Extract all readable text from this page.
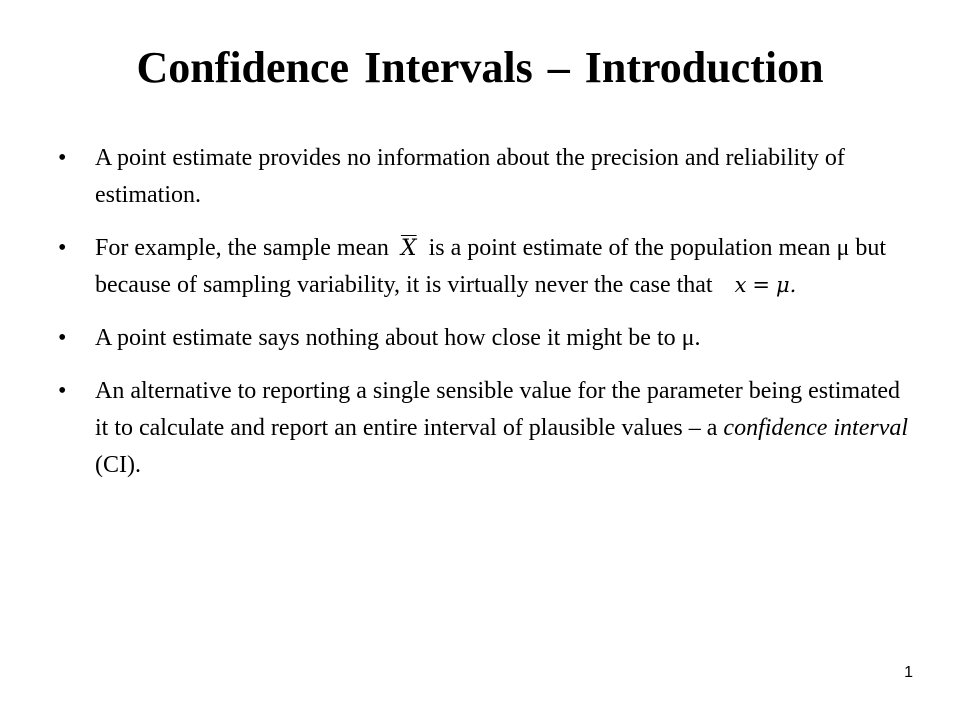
Confidence Intervals – Introduction
• A point estimate provides no information about the precision and reliability of estimation.
• For example, the sample mean $\overline{X}$ is a point estimate of the population mean μ but because of sampling variability, it is virtually never the case that x = μ.
• A point estimate says nothing about how close it might be to μ.
• An alternative to reporting a single sensible value for the parameter being estimated it to calculate and report an entire interval of plausible values – a confidence interval (CI).
1
